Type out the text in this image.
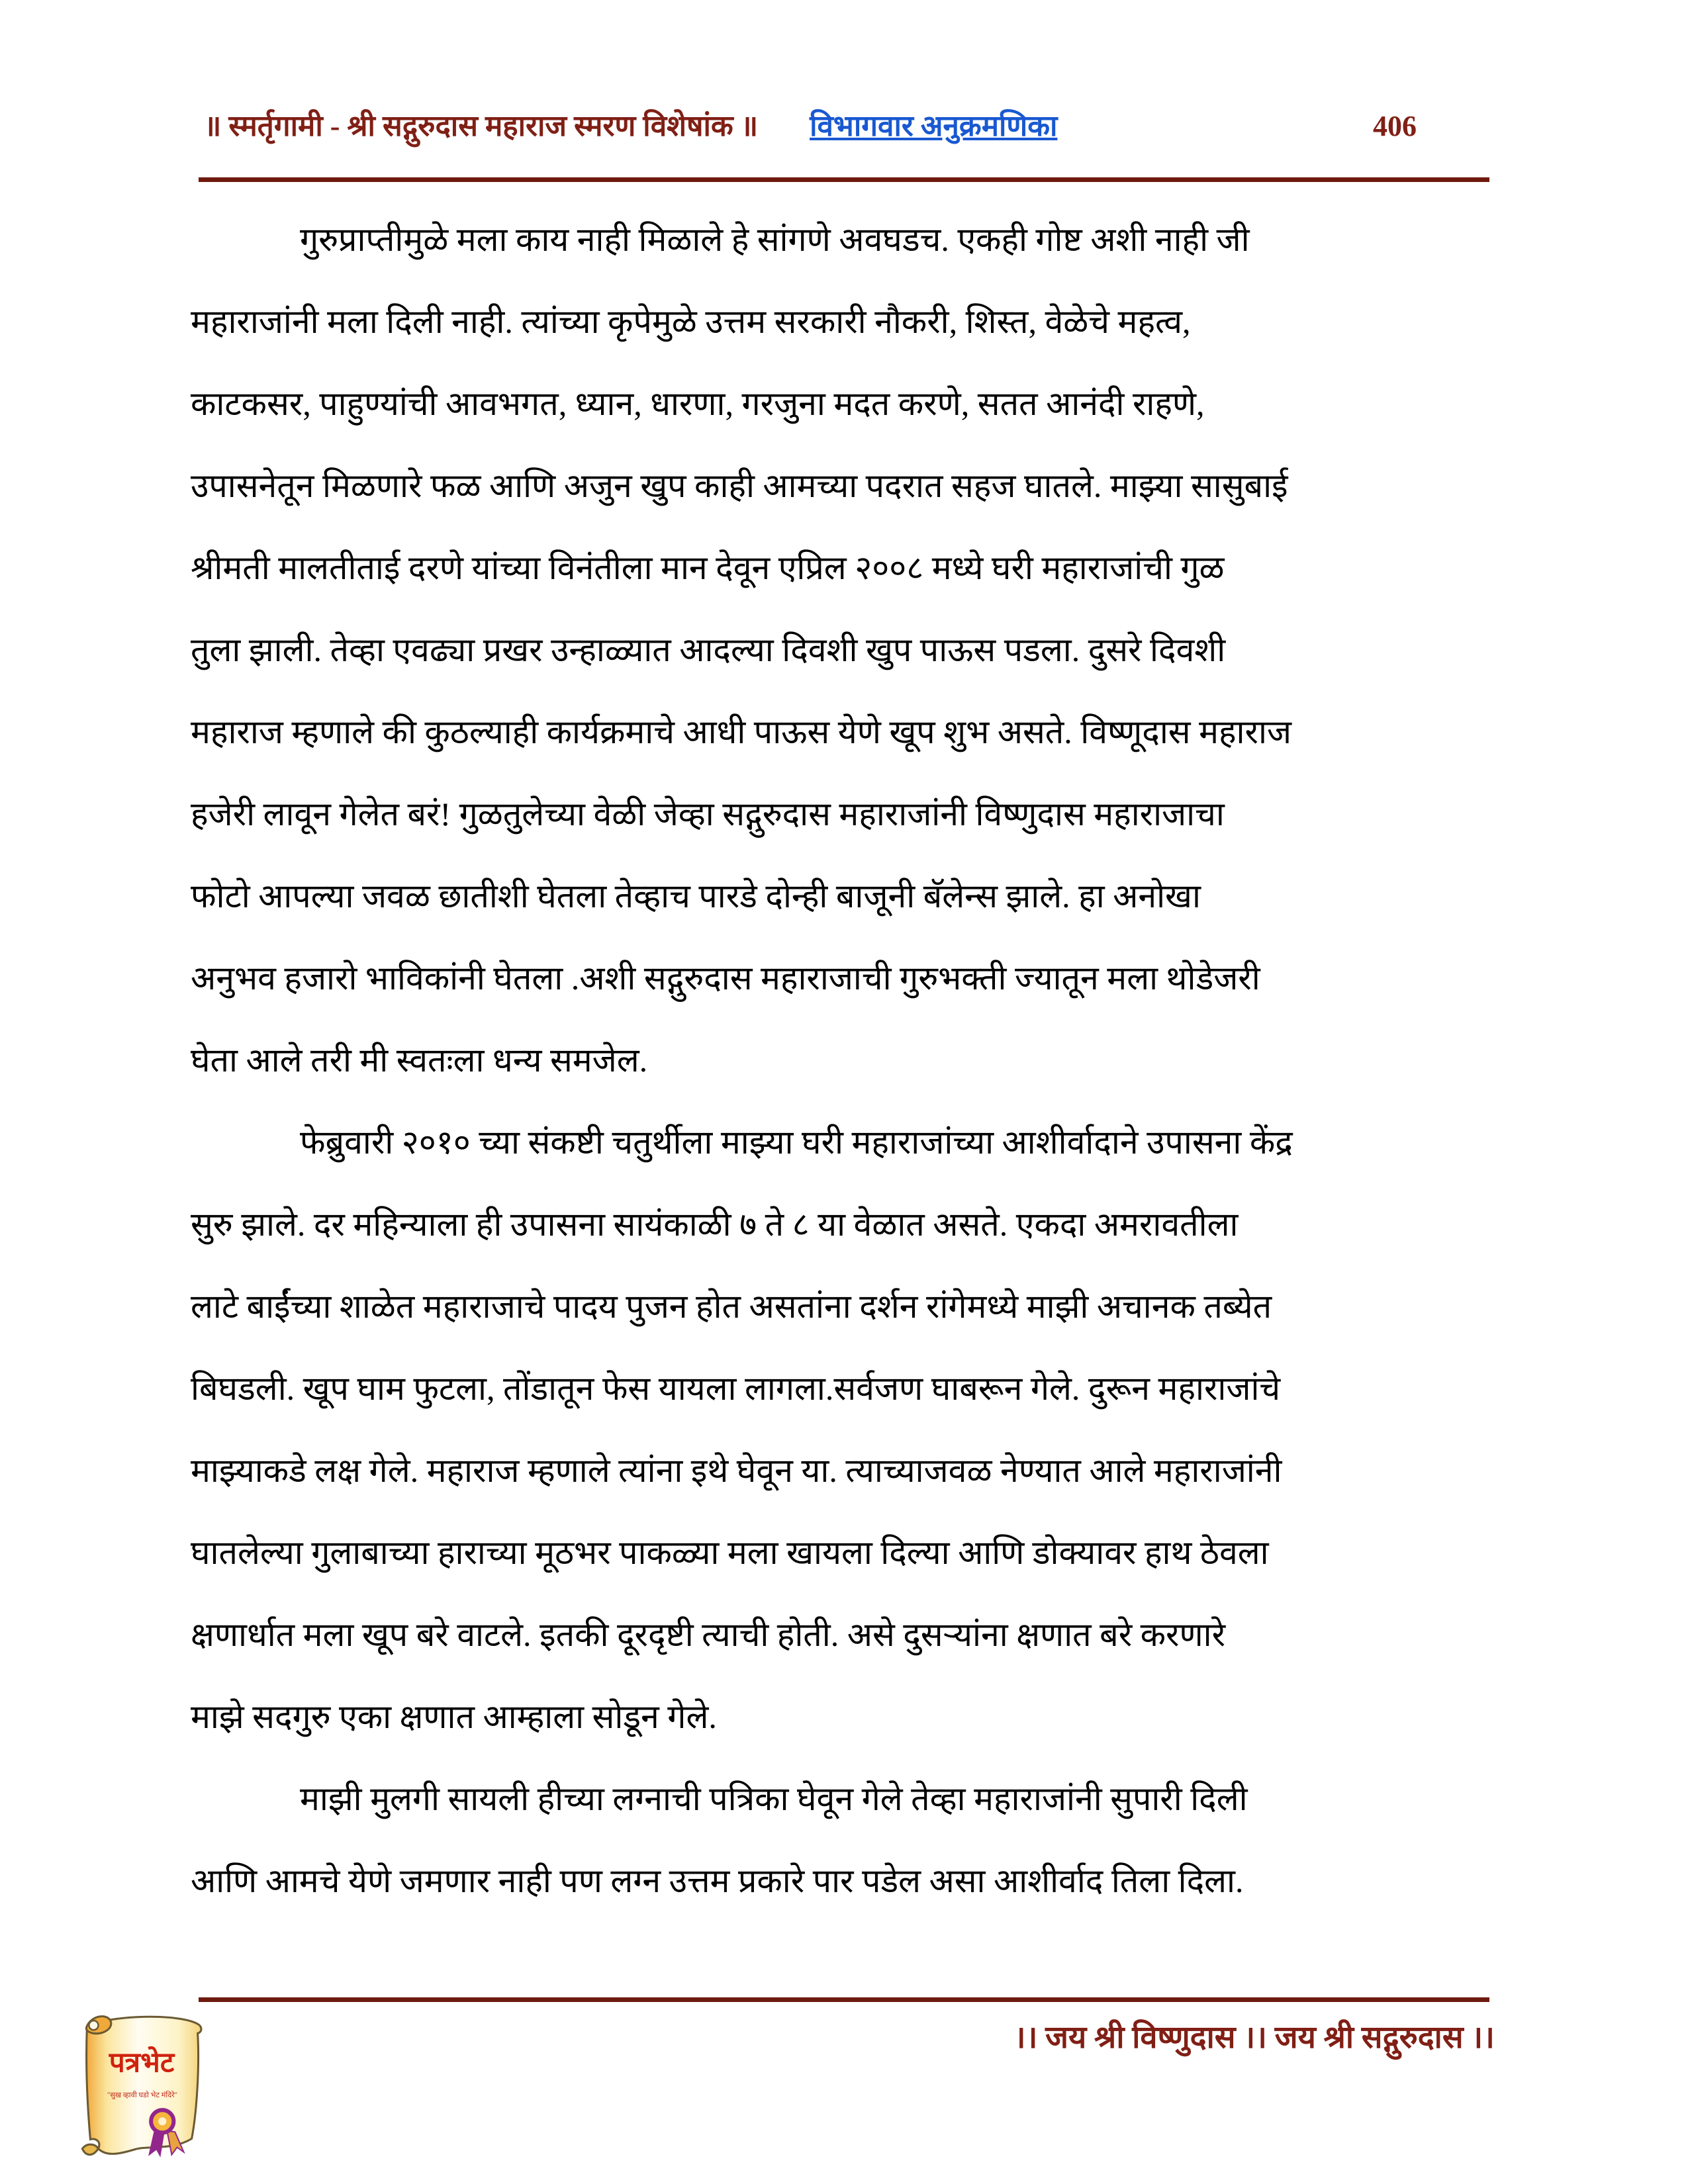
॥ स्मर्तृगामी - श्री सद्गुरुदास महाराज स्मरण विशेषांक ॥ विभागवार अनुक्रमणिका	406
गुरुप्राप्तीमुळे मला काय नाही मिळाले हे सांगणे अवघडच. एकही गोष्ट अशी नाही जी
महाराजांनी मला दिली नाही. त्यांच्या कृपेमुळे उत्तम सरकारी नौकरी, शिस्त, वेळेचे महत्व,
काटकसर, पाहुण्यांची आवभगत, ध्यान, धारणा, गरजुना मदत करणे, सतत आनंदी राहणे,
उपासनेतून मिळणारे फळ आणि अजुन खुप काही आमच्या पदरात सहज घातले. माझ्या सासुबाई
श्रीमती मालतीताई दरणे यांच्या विनंतीला मान देवून एप्रिल २००८ मध्ये घरी महाराजांची गुळ
तुला झाली. तेव्हा एवढ्या प्रखर उन्हाळ्यात आदल्या दिवशी खुप पाऊस पडला. दुसरे दिवशी
महाराज म्हणाले की कुठल्याही कार्यक्रमाचे आधी पाऊस येणे खूप शुभ असते. विष्णूदास महाराज
हजेरी लावून गेलेत बरं! गुळतुलेच्या वेळी जेव्हा सद्गुरुदास महाराजांनी विष्णुदास महाराजाचा
फोटो आपल्या जवळ छातीशी घेतला तेव्हाच पारडे दोन्ही बाजूनी बॅलेन्स झाले. हा अनोखा
अनुभव हजारो भाविकांनी घेतला .अशी सद्गुरुदास महाराजाची गुरुभक्ती ज्यातून मला थोडेजरी
घेता आले तरी मी स्वतःला धन्य समजेल.
फेब्रुवारी २०१० च्या संकष्टी चतुर्थीला माझ्या घरी महाराजांच्या आशीर्वादाने उपासना केंद्र
सुरु झाले. दर महिन्याला ही उपासना सायंकाळी ७ ते ८ या वेळात असते. एकदा अमरावतीला
लाटे बाईंच्या शाळेत महाराजाचे पादय पुजन होत असतांना दर्शन रांगेमध्ये माझी अचानक तब्येत
बिघडली. खूप घाम फुटला, तोंडातून फेस यायला लागला.सर्वजण घाबरून गेले. दुरून महाराजांचे
माझ्याकडे लक्ष गेले. महाराज म्हणाले त्यांना इथे घेवून या. त्याच्याजवळ नेण्यात आले महाराजांनी
घातलेल्या गुलाबाच्या हाराच्या मूठभर पाकळ्या मला खायला दिल्या आणि डोक्यावर हाथ ठेवला
क्षणार्धात मला खूप बरे वाटले. इतकी दूरदृष्टी त्याची होती. असे दुसऱ्यांना क्षणात बरे करणारे
माझे सदगुरु एका क्षणात आम्हाला सोडून गेले.
माझी मुलगी सायली हीच्या लग्नाची पत्रिका घेवून गेले तेव्हा महाराजांनी सुपारी दिली
आणि आमचे येणे जमणार नाही पण लग्न उत्तम प्रकारे पार पडेल असा आशीर्वाद तिला दिला.
।। जय श्री विष्णुदास ।। जय श्री सद्गुरुदास ।।
पत्रभेट
"सुख व्हावी घडो भेट मंदिरे"
